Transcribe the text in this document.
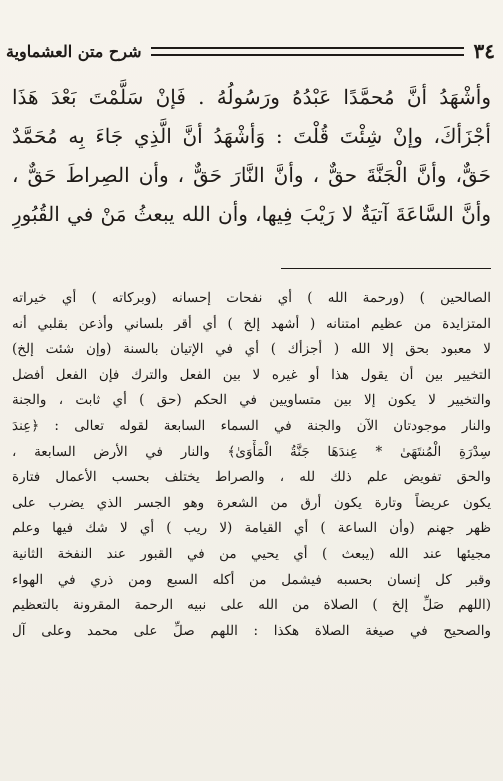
شرح متن العشماوية	٣٤
وأشْهَدُ أنَّ مُحمَّدًا عَبْدُهُ ورَسُولُهُ . فَإنْ سَلَّمْتَ بَعْدَ هَذَا
أجْزَأكَ، وإنْ شِئْتَ قُلْتَ : وَأشْهَدُ أنَّ الَّذِي جَاءَ بِه مُحَمَّدٌ
حَقٌّ، وأنَّ الْجَنَّةَ حقٌّ ، وأنَّ النَّارَ حَقٌّ ، وأن الصِراطَ حَقٌّ ،
وأنَّ السَّاعَةَ آتيَةٌ لا رَيْبَ فِيها، وأن الله يبعثُ مَنْ في القُبُورِ
الصالحين ) (ورحمة الله ) أي نفحات إحسانه (وبركاته ) أي خيراته
المتزايدة من عظيم امتنانه ( أشهد إلخ ) أي أقر بلساني وأذعن بقلبي أنه
لا معبود بحق إلا الله ( أجزأك ) أي في الإتيان بالسنة (وإن شئت إلخ)
التخيير بين أن يقول هذا أو غيره لا بين الفعل والترك فإن الفعل أفضل
والتخيير لا يكون إلا بين متساويين في الحكم (حق ) أي ثابت ، والجنة
والنار موجودتان الآن والجنة في السماء السابعة لقوله تعالى : ﴿عِندَ
سِدْرَةِ الْمُنتَهَىٰ * عِندَهَا جَنَّةُ الْمَأْوَىٰ﴾ والنار في الأرض السابعة ،
والحق تفويض علم ذلك لله ، والصراط يختلف بحسب الأعمال فتارة
يكون عريضاً وتارة يكون أرق من الشعرة وهو الجسر الذي يضرب على
ظهر جهنم (وأن الساعة ) أي القيامة (لا ريب ) أي لا شك فيها وعلم
مجيئها عند الله (يبعث ) أي يحيي من في القبور عند النفخة الثانية
وقبر كل إنسان بحسبه فيشمل من أكله السبع ومن ذري في الهواء
(اللهم صَلِّ إلخ ) الصلاة من الله على نبيه الرحمة المقرونة بالتعظيم
والصحيح في صيغة الصلاة هكذا : اللهم صلِّ على محمد وعلى آل
